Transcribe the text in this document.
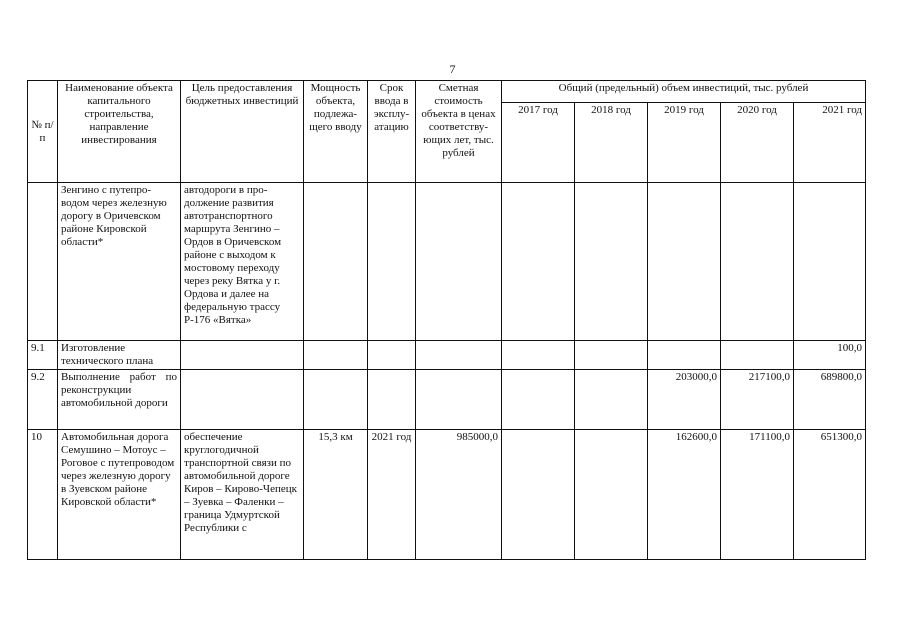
7
№ п/п	Наименование объекта капитального строительства, направление инвестирования	Цель предоставления бюджетных инвестиций	Мощность объекта, подлежа-щего вводу	Срок ввода в эксплу-атацию	Сметная стоимость объекта в ценах соответству-ющих лет, тыс. рублей	Общий (предельный) объем инвестиций, тыс. рублей				
						2017 год	2018 год	2019 год	2020 год	2021 год
	Зенгино с путепро-водом через железную дорогу в Оричевском районе Кировской области*	автодороги в про-должение развития автотранспортного маршрута Зенгино – Ордов в Оричевском районе с выходом к мостовому переходу через реку Вятка у г. Ордова и далее на федеральную трассу Р-176 «Вятка»								
9.1	Изготовление технического плана									100,0
9.2	Выполнение работ по реконструкции автомобильной дороги							203000,0	217100,0	689800,0
10	Автомобильная дорога Семушино – Мотоус – Роговое с путепроводом через железную дорогу в Зуевском районе Кировской области*	обеспечение круглогодичной транспортной связи по автомобильной дороге Киров – Кирово-Чепецк – Зуевка – Фаленки – граница Удмуртской Республики с	15,3 км	2021 год	985000,0			162600,0	171100,0	651300,0
